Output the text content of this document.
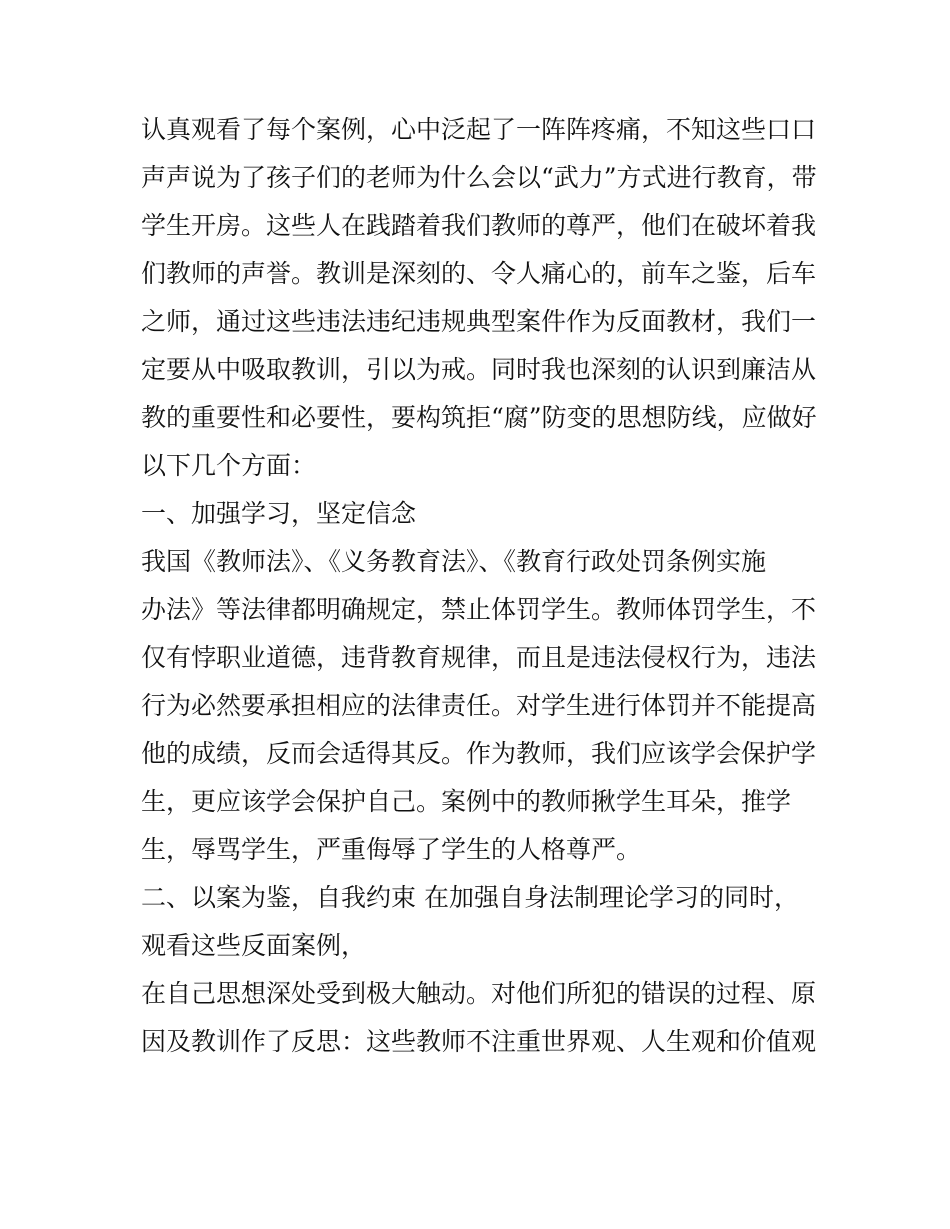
认真观看了每个案例，心中泛起了一阵阵疼痛，不知这些口口
声声说为了孩子们的老师为什么会以“武力”方式进行教育，带
学生开房。这些人在践踏着我们教师的尊严，他们在破坏着我
们教师的声誉。教训是深刻的、令人痛心的，前车之鉴，后车
之师，通过这些违法违纪违规典型案件作为反面教材，我们一
定要从中吸取教训，引以为戒。同时我也深刻的认识到廉洁从
教的重要性和必要性，要构筑拒“腐”防变的思想防线，应做好
以下几个方面：
一、加强学习，坚定信念
我国《教师法》、《义务教育法》、《教育行政处罚条例实施
办法》等法律都明确规定，禁止体罚学生。教师体罚学生，不
仅有悖职业道德，违背教育规律，而且是违法侵权行为，违法
行为必然要承担相应的法律责任。对学生进行体罚并不能提高
他的成绩，反而会适得其反。作为教师，我们应该学会保护学
生，更应该学会保护自己。案例中的教师揪学生耳朵，推学
生，辱骂学生，严重侮辱了学生的人格尊严。
二、以案为鉴，自我约束 在加强自身法制理论学习的同时，
观看这些反面案例，
在自己思想深处受到极大触动。对他们所犯的错误的过程、原
因及教训作了反思：这些教师不注重世界观、人生观和价值观
